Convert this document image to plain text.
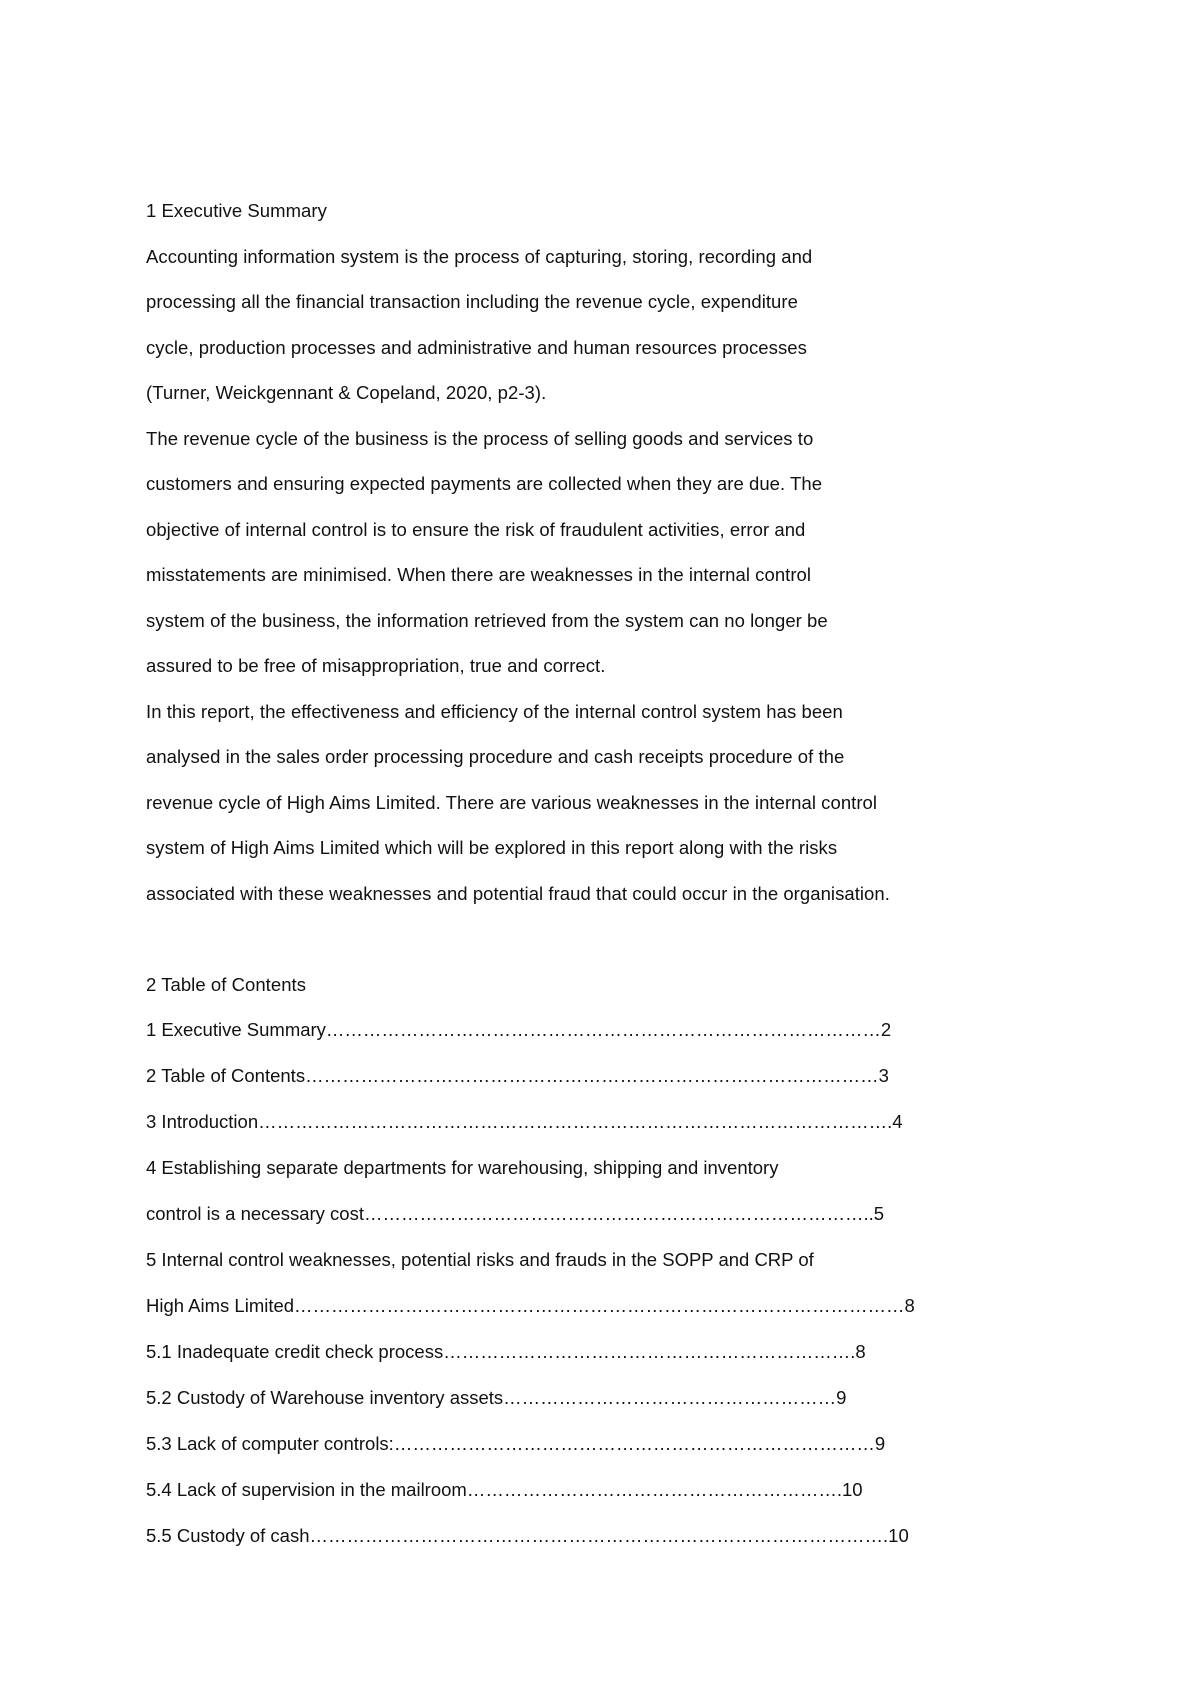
1 Executive Summary
Accounting information system is the process of capturing, storing, recording and
processing all the financial transaction including the revenue cycle, expenditure
cycle, production processes and administrative and human resources processes
(Turner, Weickgennant & Copeland, 2020, p2-3).
The revenue cycle of the business is the process of selling goods and services to
customers and ensuring expected payments are collected when they are due. The
objective of internal control is to ensure the risk of fraudulent activities, error and
misstatements are minimised. When there are weaknesses in the internal control
system of the business, the information retrieved from the system can no longer be
assured to be free of misappropriation, true and correct.
In this report, the effectiveness and efficiency of the internal control system has been
analysed in the sales order processing procedure and cash receipts procedure of the
revenue cycle of High Aims Limited. There are various weaknesses in the internal control
system of High Aims Limited which will be explored in this report along with the risks
associated with these weaknesses and potential fraud that could occur in the organisation.
2 Table of Contents
1 Executive Summary………………………………………………………………………………2
2 Table of Contents…………………………………………………………………………………3
3 Introduction………………………………………………………………………………………….4
4 Establishing separate departments for warehousing, shipping and inventory
control is a necessary cost………………………………………………………………………..5
5 Internal control weaknesses, potential risks and frauds in the SOPP and CRP of
High Aims Limited………………………………………………………………………………………8
5.1 Inadequate credit check process………………………………………………………….8
5.2 Custody of Warehouse inventory assets………………………………………………9
5.3 Lack of computer controls:……………………………………………………………………9
5.4 Lack of supervision in the mailroom…………………………………………………….10
5.5 Custody of cash………………………………………………………………………………….10
